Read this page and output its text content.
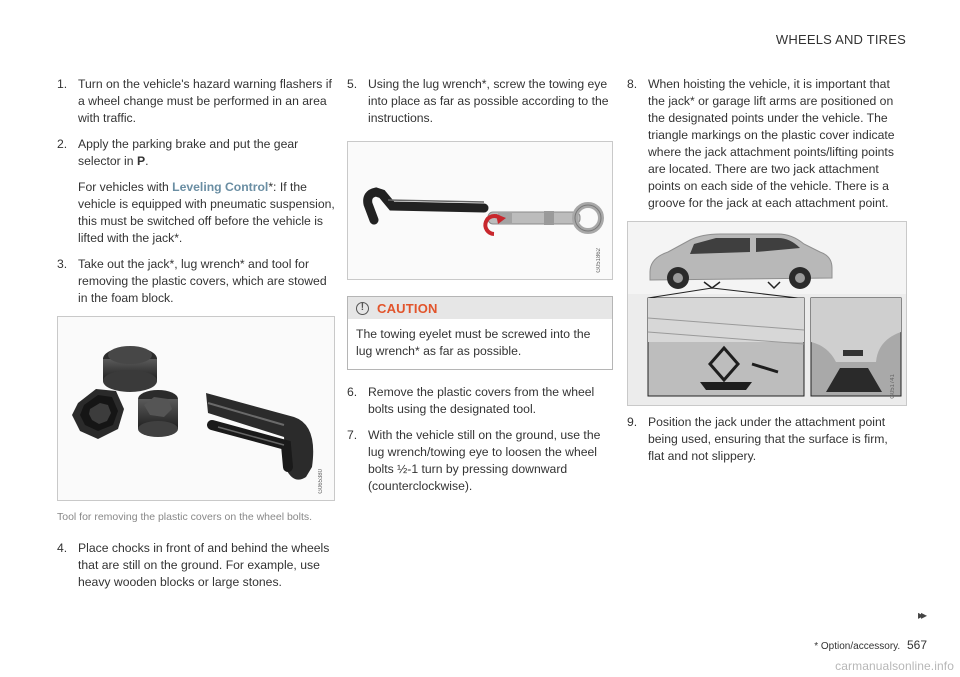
WHEELS AND TIRES
1. Turn on the vehicle's hazard warning flashers if a wheel change must be performed in an area with traffic.

2. Apply the parking brake and put the gear selector in P.

For vehicles with Leveling Control*: If the vehicle is equipped with pneumatic suspension, this must be switched off before the vehicle is lifted with the jack*.

3. Take out the jack*, lug wrench* and tool for removing the plastic covers, which are stowed in the foam block.

G065380

Tool for removing the plastic covers on the wheel bolts.

4. Place chocks in front of and behind the wheels that are still on the ground. For example, use heavy wooden blocks or large stones.

5. Using the lug wrench*, screw the towing eye into place as far as possible according to the instructions.

G051862
! CAUTION
The towing eyelet must be screwed into the lug wrench* as far as possible.
6. Remove the plastic covers from the wheel bolts using the designated tool.

7. With the vehicle still on the ground, use the lug wrench/towing eye to loosen the wheel bolts ½-1 turn by pressing downward (counterclockwise).

8. When hoisting the vehicle, it is important that the jack* or garage lift arms are positioned on the designated points under the vehicle. The triangle markings on the plastic cover indicate where the jack attachment points/lifting points are located. There are two jack attachment points on each side of the vehicle. There is a groove for the jack at each attachment point.

G051741
9. Position the jack under the attachment point being used, ensuring that the surface is firm, flat and not slippery.

▸▸
* Option/accessory. 567
carmanualsonline.info
